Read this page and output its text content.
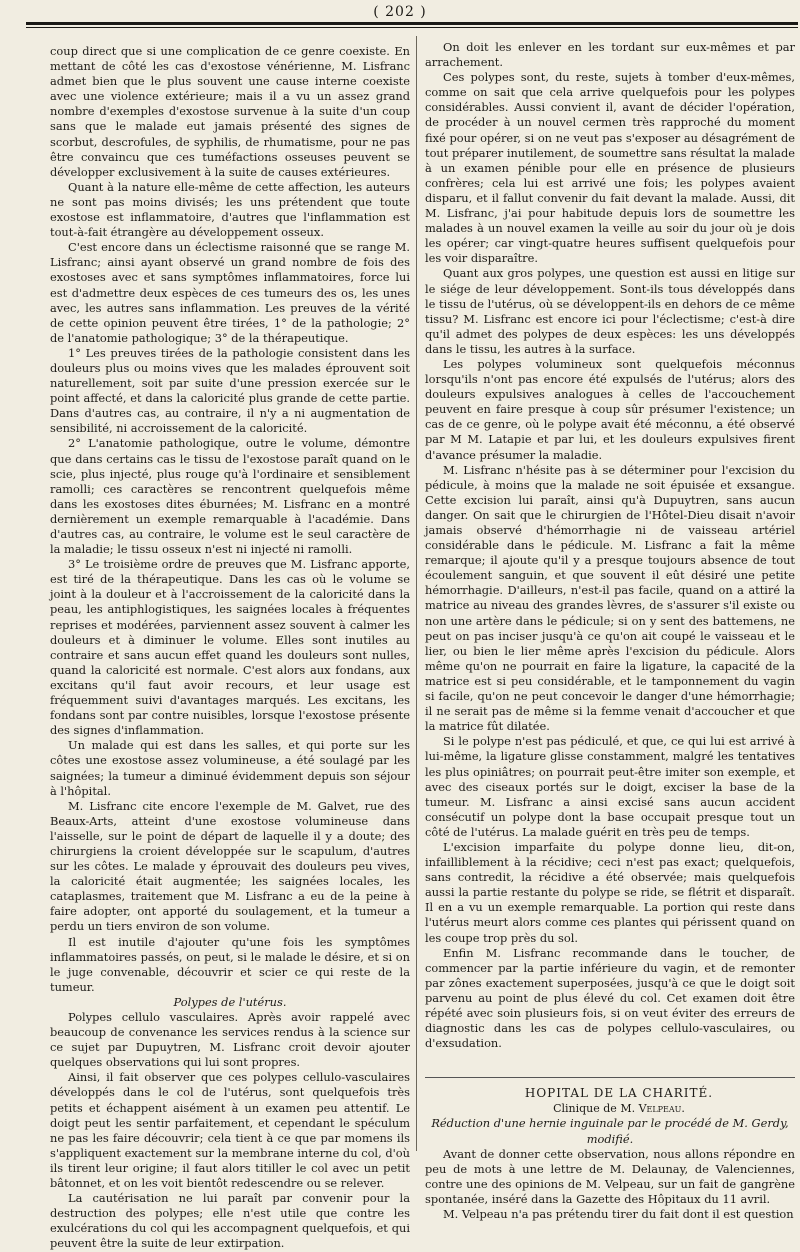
( 202 )

coup direct que si une complication de ce genre coexiste. En mettant de côté les cas d'exostose vénérienne, M. Lisfranc admet bien que le plus souvent une cause interne coexiste avec une violence extérieure; mais il a vu un assez grand nombre d'exemples d'exostose survenue à la suite d'un coup sans que le malade eut jamais présenté des signes de scorbut, descrofules, de syphilis, de rhumatisme, pour ne pas être convaincu que ces tuméfactions osseuses peuvent se développer exclusivement à la suite de causes extérieures.

Quant à la nature elle-même de cette affection, les auteurs ne sont pas moins divisés; les uns prétendent que toute exostose est inflammatoire, d'autres que l'inflammation est tout-à-fait étrangère au développement osseux.

C'est encore dans un éclectisme raisonné que se range M. Lisfranc; ainsi ayant observé un grand nombre de fois des exostoses avec et sans symptômes inflammatoires, force lui est d'admettre deux espèces de ces tumeurs des os, les unes avec, les autres sans inflammation. Les preuves de la vérité de cette opinion peuvent être tirées, 1° de la pathologie; 2° de l'anatomie pathologique; 3° de la thérapeutique.

1° Les preuves tirées de la pathologie consistent dans les douleurs plus ou moins vives que les malades éprouvent soit naturellement, soit par suite d'une pression exercée sur le point affecté, et dans la caloricité plus grande de cette partie. Dans d'autres cas, au contraire, il n'y a ni augmentation de sensibilité, ni accroissement de la caloricité.

2° L'anatomie pathologique, outre le volume, démontre que dans certains cas le tissu de l'exostose paraît quand on le scie, plus injecté, plus rouge qu'à l'ordinaire et sensiblement ramolli; ces caractères se rencontrent quelquefois même dans les exostoses dites éburnées; M. Lisfranc en a montré dernièrement un exemple remarquable à l'académie. Dans d'autres cas, au contraire, le volume est le seul caractère de la maladie; le tissu osseux n'est ni injecté ni ramolli.

3° Le troisième ordre de preuves que M. Lisfranc apporte, est tiré de la thérapeutique. Dans les cas où le volume se joint à la douleur et à l'accroissement de la caloricité dans la peau, les antiphlogistiques, les saignées locales à fréquentes reprises et modérées, parviennent assez souvent à calmer les douleurs et à diminuer le volume. Elles sont inutiles au contraire et sans aucun effet quand les douleurs sont nulles, quand la caloricité est normale. C'est alors aux fondans, aux excitans qu'il faut avoir recours, et leur usage est fréquemment suivi d'avantages marqués. Les excitans, les fondans sont par contre nuisibles, lorsque l'exostose présente des signes d'inflammation.

Un malade qui est dans les salles, et qui porte sur les côtes une exostose assez volumineuse, a été soulagé par les saignées; la tumeur a diminué évidemment depuis son séjour à l'hôpital.

M. Lisfranc cite encore l'exemple de M. Galvet, rue des Beaux-Arts, atteint d'une exostose volumineuse dans l'aisselle, sur le point de départ de laquelle il y a doute; des chirurgiens la croient développée sur le scapulum, d'autres sur les côtes. Le malade y éprouvait des douleurs peu vives, la caloricité était augmentée; les saignées locales, les cataplasmes, traitement que M. Lisfranc a eu de la peine à faire adopter, ont apporté du soulagement, et la tumeur a perdu un tiers environ de son volume.

Il est inutile d'ajouter qu'une fois les symptômes inflammatoires passés, on peut, si le malade le désire, et si on le juge convenable, découvrir et scier ce qui reste de la tumeur.

Polypes de l'utérus.

Polypes cellulo vasculaires. Après avoir rappelé avec beaucoup de convenance les services rendus à la science sur ce sujet par Dupuytren, M. Lisfranc croit devoir ajouter quelques observations qui lui sont propres.

Ainsi, il fait observer que ces polypes cellulo-vasculaires développés dans le col de l'utérus, sont quelquefois très petits et échappent aisément à un examen peu attentif. Le doigt peut les sentir parfaitement, et cependant le spéculum ne pas les faire découvrir; cela tient à ce que par momens ils s'appliquent exactement sur la membrane interne du col, d'où ils tirent leur origine; il faut alors titiller le col avec un petit bâtonnet, et on les voit bientôt redescendre ou se relever.

La cautérisation ne lui paraît par convenir pour la destruction des polypes; elle n'est utile que contre les exulcérations du col qui les accompagnent quelquefois, et qui peuvent être la suite de leur extirpation.

On doit les enlever en les tordant sur eux-mêmes et par arrachement.

Ces polypes sont, du reste, sujets à tomber d'eux-mêmes, comme on sait que cela arrive quelquefois pour les polypes considérables. Aussi convient il, avant de décider l'opération, de procéder à un nouvel cermen très rapproché du moment fixé pour opérer, si on ne veut pas s'exposer au désagrément de tout préparer inutilement, de soumettre sans résultat la malade à un examen pénible pour elle en présence de plusieurs confrères; cela lui est arrivé une fois; les polypes avaient disparu, et il fallut convenir du fait devant la malade. Aussi, dit M. Lisfranc, j'ai pour habitude depuis lors de soumettre les malades à un nouvel examen la veille au soir du jour où je dois les opérer; car vingt-quatre heures suffisent quelquefois pour les voir disparaître.

Quant aux gros polypes, une question est aussi en litige sur le siége de leur développement. Sont-ils tous développés dans le tissu de l'utérus, où se développent-ils en dehors de ce même tissu? M. Lisfranc est encore ici pour l'éclectisme; c'est-à dire qu'il admet des polypes de deux espèces: les uns développés dans le tissu, les autres à la surface.

Les polypes volumineux sont quelquefois méconnus lorsqu'ils n'ont pas encore été expulsés de l'utérus; alors des douleurs expulsives analogues à celles de l'accouchement peuvent en faire presque à coup sûr présumer l'existence; un cas de ce genre, où le polype avait été méconnu, a été observé par M M. Latapie et par lui, et les douleurs expulsives firent d'avance présumer la maladie.

M. Lisfranc n'hésite pas à se déterminer pour l'excision du pédicule, à moins que la malade ne soit épuisée et exsangue. Cette excision lui paraît, ainsi qu'à Dupuytren, sans aucun danger. On sait que le chirurgien de l'Hôtel-Dieu disait n'avoir jamais observé d'hémorrhagie ni de vaisseau artériel considérable dans le pédicule. M. Lisfranc a fait la même remarque; il ajoute qu'il y a presque toujours absence de tout écoulement sanguin, et que souvent il eût désiré une petite hémorrhagie. D'ailleurs, n'est-il pas facile, quand on a attiré la matrice au niveau des grandes lèvres, de s'assurer s'il existe ou non une artère dans le pédicule; si on y sent des battemens, ne peut on pas inciser jusqu'à ce qu'on ait coupé le vaisseau et le lier, ou bien le lier même après l'excision du pédicule. Alors même qu'on ne pourrait en faire la ligature, la capacité de la matrice est si peu considérable, et le tamponnement du vagin si facile, qu'on ne peut concevoir le danger d'une hémorrhagie; il ne serait pas de même si la femme venait d'accoucher et que la matrice fût dilatée.

Si le polype n'est pas pédiculé, et que, ce qui lui est arrivé à lui-même, la ligature glisse constamment, malgré les tentatives les plus opiniâtres; on pourrait peut-être imiter son exemple, et avec des ciseaux portés sur le doigt, exciser la base de la tumeur. M. Lisfranc a ainsi excisé sans aucun accident consécutif un polype dont la base occupait presque tout un côté de l'utérus. La malade guérit en très peu de temps.

L'excision imparfaite du polype donne lieu, dit-on, infailliblement à la récidive; ceci n'est pas exact; quelquefois, sans contredit, la récidive a été observée; mais quelquefois aussi la partie restante du polype se ride, se flétrit et disparaît. Il en a vu un exemple remarquable. La portion qui reste dans l'utérus meurt alors comme ces plantes qui périssent quand on les coupe trop près du sol.

Enfin M. Lisfranc recommande dans le toucher, de commencer par la partie inférieure du vagin, et de remonter par zônes exactement superposées, jusqu'à ce que le doigt soit parvenu au point de plus élevé du col. Cet examen doit être répété avec soin plusieurs fois, si on veut éviter des erreurs de diagnostic dans les cas de polypes cellulo-vasculaires, ou d'exsudation.

HOPITAL DE LA CHARITÉ.

Clinique de M. Velpeau.

Réduction d'une hernie inguinale par le procédé de M. Gerdy, modifié.

Avant de donner cette observation, nous allons répondre en peu de mots à une lettre de M. Delaunay, de Valenciennes, contre une des opinions de M. Velpeau, sur un fait de gangrène spontanée, inséré dans la Gazette des Hôpitaux du 11 avril.

M. Velpeau n'a pas prétendu tirer du fait dont il est question
